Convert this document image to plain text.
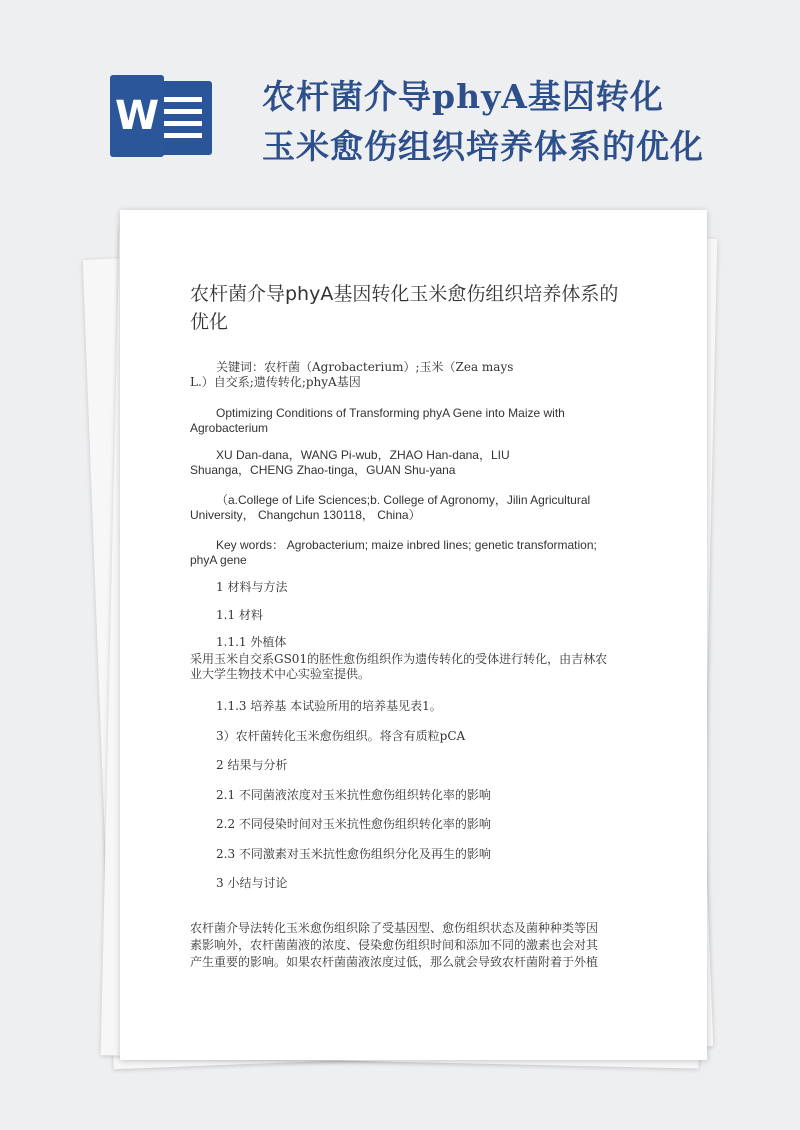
W	农杆菌介导phyA基因转化
玉米愈伤组织培养体系的优化
农杆菌介导phyA基因转化玉米愈伤组织培养体系的
优化
关键词：农杆菌（Agrobacterium）;玉米（Zea mays
L.）自交系;遗传转化;phyA基因
Optimizing Conditions of Transforming phyA Gene into Maize with
Agrobacterium
XU Dan-dana，WANG Pi-wub，ZHAO Han-dana，LIU
Shuanga，CHENG Zhao-tinga，GUAN Shu-yana
（a.College of Life Sciences;b. College of Agronomy，Jilin Agricultural
University， Changchun 130118， China）
Key words： Agrobacterium; maize inbred lines; genetic transformation;
phyA gene
1 材料与方法
1.1 材料
1.1.1 外植体
采用玉米自交系GS01的胚性愈伤组织作为遗传转化的受体进行转化，由吉林农
业大学生物技术中心实验室提供。
1.1.3 培养基 本试验所用的培养基见表1。
3）农杆菌转化玉米愈伤组织。将含有质粒pCA
2 结果与分析
2.1 不同菌液浓度对玉米抗性愈伤组织转化率的影响
2.2 不同侵染时间对玉米抗性愈伤组织转化率的影响
2.3 不同激素对玉米抗性愈伤组织分化及再生的影响
3 小结与讨论
农杆菌介导法转化玉米愈伤组织除了受基因型、愈伤组织状态及菌种种类等因
素影响外，农杆菌菌液的浓度、侵染愈伤组织时间和添加不同的激素也会对其
产生重要的影响。如果农杆菌菌液浓度过低，那么就会导致农杆菌附着于外植
